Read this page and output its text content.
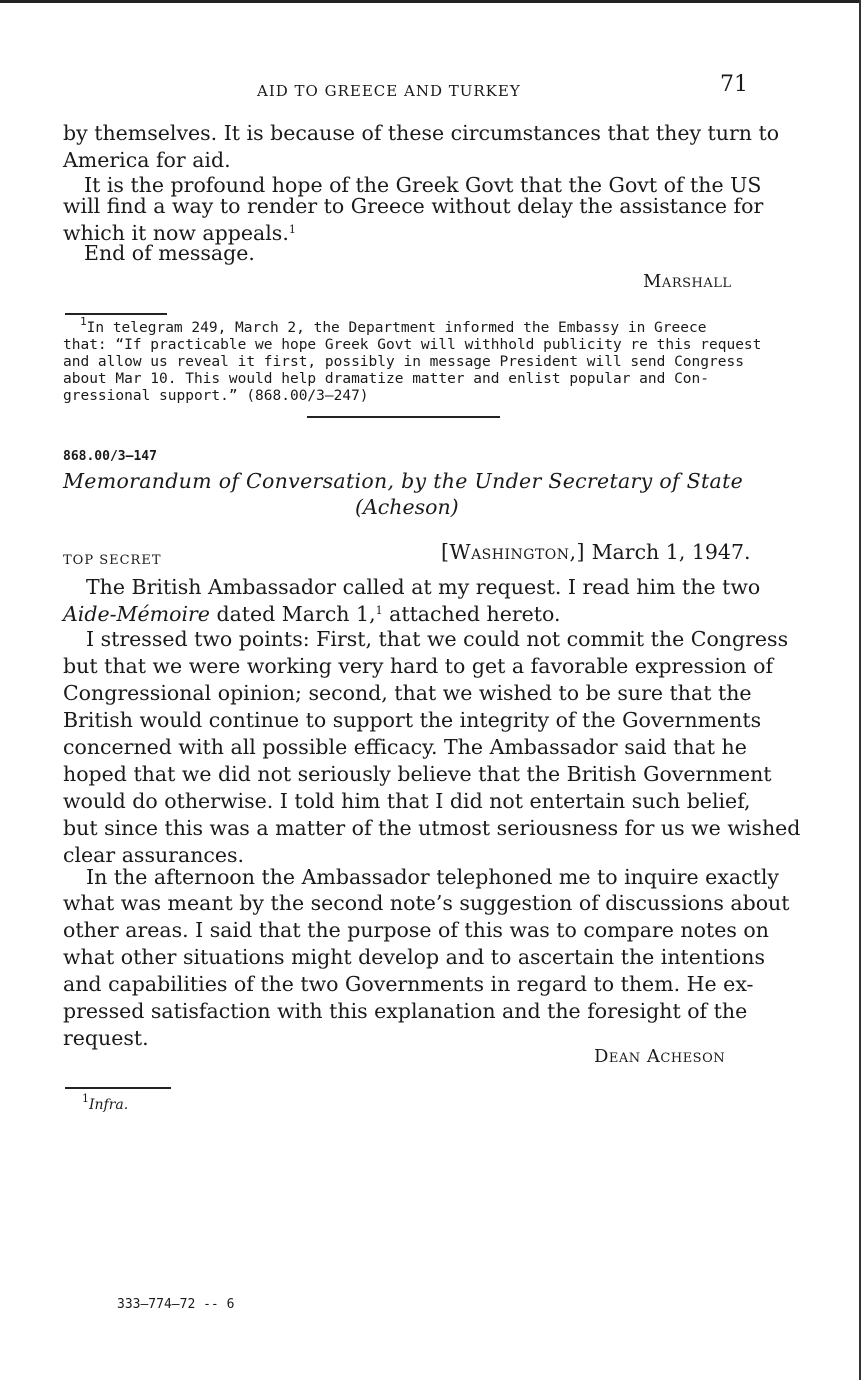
AID TO GREECE AND TURKEY	71

by themselves. It is because of these circumstances that they turn to

America for aid.

It is the profound hope of the Greek Govt that the Govt of the US

will find a way to render to Greece without delay the assistance for

which it now appeals.$^1$

End of message.

Marshall

$^1$In telegram 249, March 2, the Department informed the Embassy in Greece

that: “If practicable we hope Greek Govt will withhold publicity re this request

and allow us reveal it first, possibly in message President will send Congress

about Mar 10. This would help dramatize matter and enlist popular and Con-

gressional support.” (868.00/3–247)

868.00/3–147
Memorandum of Conversation, by the Under Secretary of State
(Acheson)
TOP SECRET	[Washington,] March 1, 1947.

The British Ambassador called at my request. I read him the two

Aide-Mémoire dated March 1,$^1$ attached hereto.

I stressed two points: First, that we could not commit the Congress

but that we were working very hard to get a favorable expression of

Congressional opinion; second, that we wished to be sure that the

British would continue to support the integrity of the Governments

concerned with all possible efficacy. The Ambassador said that he

hoped that we did not seriously believe that the British Government

would do otherwise. I told him that I did not entertain such belief,

but since this was a matter of the utmost seriousness for us we wished

clear assurances.

In the afternoon the Ambassador telephoned me to inquire exactly

what was meant by the second note’s suggestion of discussions about

other areas. I said that the purpose of this was to compare notes on

what other situations might develop and to ascertain the intentions

and capabilities of the two Governments in regard to them. He ex-

pressed satisfaction with this explanation and the foresight of the

request.

Dean Acheson
$^1$Infra.
333–774—72 -- 6
